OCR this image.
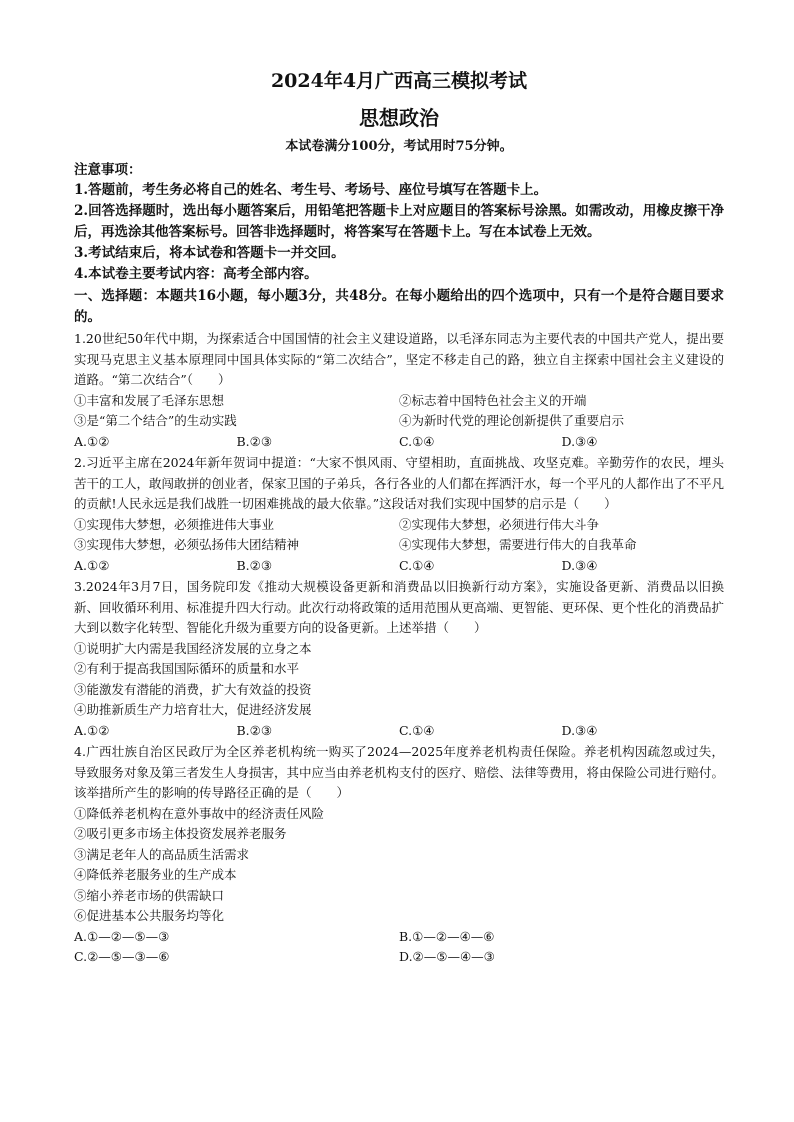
2024年4月广西高三模拟考试

思想政治

本试卷满分100分，考试用时75分钟。

注意事项：
1.答题前，考生务必将自己的姓名、考生号、考场号、座位号填写在答题卡上。
2.回答选择题时，选出每小题答案后，用铅笔把答题卡上对应题目的答案标号涂黑。如需改动，用橡皮擦干净后，再选涂其他答案标号。回答非选择题时，将答案写在答题卡上。写在本试卷上无效。
3.考试结束后，将本试卷和答题卡一并交回。
4.本试卷主要考试内容：高考全部内容。
一、选择题：本题共16小题，每小题3分，共48分。在每小题给出的四个选项中，只有一个是符合题目要求的。
1.20世纪50年代中期，为探索适合中国国情的社会主义建设道路，以毛泽东同志为主要代表的中国共产党人，提出要实现马克思主义基本原理同中国具体实际的“第二次结合”，坚定不移走自己的路，独立自主探索中国社会主义建设的道路。“第二次结合”（　　）
①丰富和发展了毛泽东思想	②标志着中国特色社会主义的开端
③是“第二个结合”的生动实践	④为新时代党的理论创新提供了重要启示
A.①②	B.②③	C.①④	D.③④
2.习近平主席在2024年新年贺词中提道：“大家不惧风雨、守望相助，直面挑战、攻坚克难。辛勤劳作的农民，埋头苦干的工人，敢闯敢拼的创业者，保家卫国的子弟兵，各行各业的人们都在挥洒汗水，每一个平凡的人都作出了不平凡的贡献!人民永远是我们战胜一切困难挑战的最大依靠。”这段话对我们实现中国梦的启示是（　　）
①实现伟大梦想，必须推进伟大事业	②实现伟大梦想，必须进行伟大斗争
③实现伟大梦想，必须弘扬伟大团结精神	④实现伟大梦想，需要进行伟大的自我革命
A.①②	B.②③	C.①④	D.③④
3.2024年3月7日，国务院印发《推动大规模设备更新和消费品以旧换新行动方案》，实施设备更新、消费品以旧换新、回收循环利用、标准提升四大行动。此次行动将政策的适用范围从更高端、更智能、更环保、更个性化的消费品扩大到以数字化转型、智能化升级为重要方向的设备更新。上述举措（　　）
①说明扩大内需是我国经济发展的立身之本
②有利于提高我国国际循环的质量和水平
③能激发有潜能的消费，扩大有效益的投资
④助推新质生产力培育壮大，促进经济发展
A.①②	B.②③	C.①④	D.③④
4.广西壮族自治区民政厅为全区养老机构统一购买了2024—2025年度养老机构责任保险。养老机构因疏忽或过失，导致服务对象及第三者发生人身损害，其中应当由养老机构支付的医疗、赔偿、法律等费用，将由保险公司进行赔付。该举措所产生的影响的传导路径正确的是（　　）
①降低养老机构在意外事故中的经济责任风险
②吸引更多市场主体投资发展养老服务
③满足老年人的高品质生活需求
④降低养老服务业的生产成本
⑤缩小养老市场的供需缺口
⑥促进基本公共服务均等化
A.①—②—⑤—③	B.①—②—④—⑥
C.②—⑤—③—⑥	D.②—⑤—④—③
